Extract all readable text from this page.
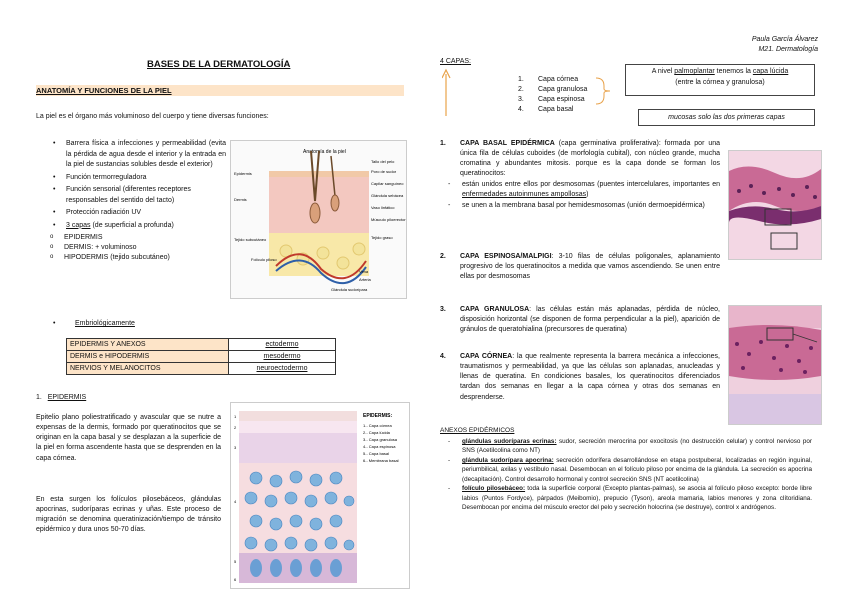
Paula García Álvarez
M21. Dermatología
BASES DE LA DERMATOLOGÍA
ANATOMÍA Y FUNCIONES DE LA PIEL
La piel es el órgano más voluminoso del cuerpo y tiene diversas funciones:
• Barrera física a infecciones y permeabilidad (evita la pérdida de agua desde el interior y la entrada en la piel de sustancias solubles desde el exterior)
• Función termorreguladora
• Función sensorial (diferentes receptores responsables del sentido del tacto)
• Protección radiación UV
• 3 capas (de superficial a profunda)
o EPIDERMIS
o DERMIS: + voluminoso
o HIPODERMIS (tejido subcutáneo)
Anatomía de la piel
Epidermis
Dermis
Tejido subcutáneo
Folículo piloso
Tallo del pelo
Poro de sudor
Capilar sanguíneo
Glándula sebácea
Vaso linfático
Músculo piloerector
Tejido graso
Vena
Arteria
Glándula sudorípara
Embriológicamente
•
EPIDERMIS Y ANEXOS	ectodermo
DERMIS e HIPODERMIS	mesodermo
NERVIOS Y MELANOCITOS	neuroectodermo
1. EPIDERMIS
Epitelio plano poliestratificado y avascular que se nutre a expensas de la dermis, formado por queratinocitos que se originan en la capa basal y se desplazan a la superficie de la piel en forma ascendente hasta que se desprenden en la capa córnea.
En esta surgen los folículos pilosebáceos, glándulas apocrinas, sudoríparas ecrinas y uñas. Este proceso de migración se denomina queratinización/tiempo de tránsito epidérmico y dura unos 50-70 días.
1
2
3
4
5
6
EPIDERMIS:
1.- Capa córnea
2.- Capa lúcida
3.- Capa granulosa
4.- Capa espinosa
5.- Capa basal
6.- Membrana basal
4 CAPAS:
1. Capa córnea
2. Capa granulosa
3. Capa espinosa
4. Capa basal
A nivel palmoplantar tenemos la capa lúcida
(entre la córnea y granulosa)
mucosas solo las dos primeras capas
1. CAPA BASAL EPIDÉRMICA (capa germinativa proliferativa): formada por una única fila de células cuboides (de morfología cubital), con núcleo grande, mucha cromatina y abundantes mitosis. porque es la capa donde se forman los queratinocitos:
- están unidos entre ellos por desmosomas (puentes intercelulares, importantes en enfermedades autoinmunes ampollosas)
- se unen a la membrana basal por hemidesmosomas (unión dermoepidérmica)
2. CAPA ESPINOSA/MALPIGI: 3-10 filas de células poligonales, aplanamiento progresivo de los queratinocitos a medida que vamos ascendiendo. Se unen entre ellas por desmosomas
3. CAPA GRANULOSA: las células están más aplanadas, pérdida de núcleo, disposición horizontal (se disponen de forma perpendicular a la piel), aparición de gránulos de queratohialina (precursores de queratina)
4. CAPA CÓRNEA: la que realmente representa la barrera mecánica a infecciones, traumatismos y permeabilidad, ya que las células son aplanadas, anucleadas y llenas de queratina. En condiciones basales, los queratinocitos diferenciados tardan dos semanas en llegar a la capa córnea y otras dos semanas en desprenderse.
ANEXOS EPIDÉRMICOS
- glándulas sudoríparas ecrinas: sudor, secreción merocrina por exocitosis (no destrucción celular) y control nervioso por SNS (Acetilcolina como NT)
- glándula sudorípara apocrina: secreción odorífera desarrollándose en etapa postpuberal, localizadas en región inguinal, periumbilical, axilas y vestíbulo nasal. Desembocan en el folículo piloso por encima de la glándula. La secreción es apocrina (decapitación). Control desarrollo hormonal y control secreción SNS (NT acetilcolina)
- folículo pilosebáceo: toda la superficie corporal (Excepto plantas-palmas), se asocia al folículo piloso excepto: borde libre labios (Puntos Fordyce), párpados (Meibomio), prepucio (Tyson), areola mamaria, labios menores y zona clítoridiana. Desembocan por encima del músculo erector del pelo y secreción holocrina (se destruye), control x andrógenos.
